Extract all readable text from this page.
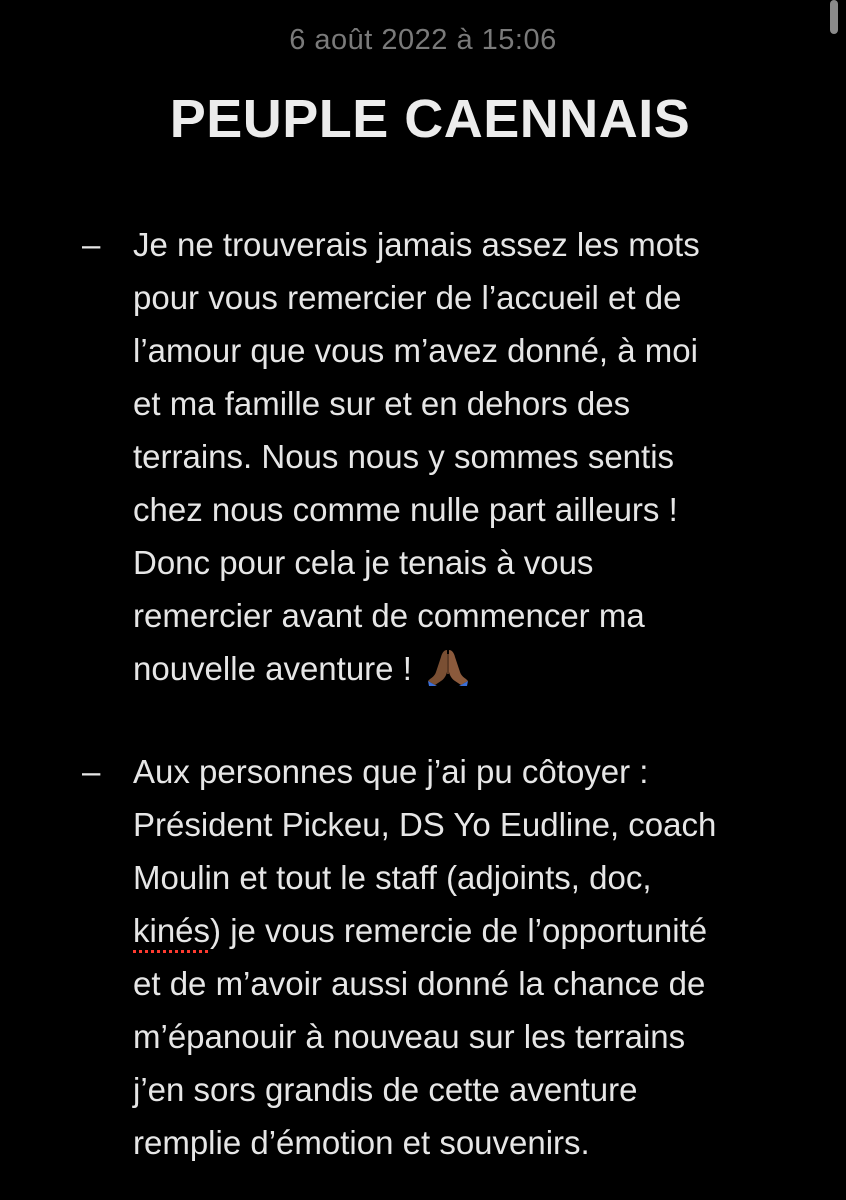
6 août 2022 à 15:06
PEUPLE CAENNAIS
– Je ne trouverais jamais assez les mots
pour vous remercier de l’accueil et de
l’amour que vous m’avez donné, à moi
et ma famille sur et en dehors des
terrains. Nous nous y sommes sentis
chez nous comme nulle part ailleurs !
Donc pour cela je tenais à vous
remercier avant de commencer ma
nouvelle aventure !
– Aux personnes que j’ai pu côtoyer :
Président Pickeu, DS Yo Eudline, coach
Moulin et tout le staff (adjoints, doc,
kinés) je vous remercie de l’opportunité
et de m’avoir aussi donné la chance de
m’épanouir à nouveau sur les terrains
j’en sors grandis de cette aventure
remplie d’émotion et souvenirs.
